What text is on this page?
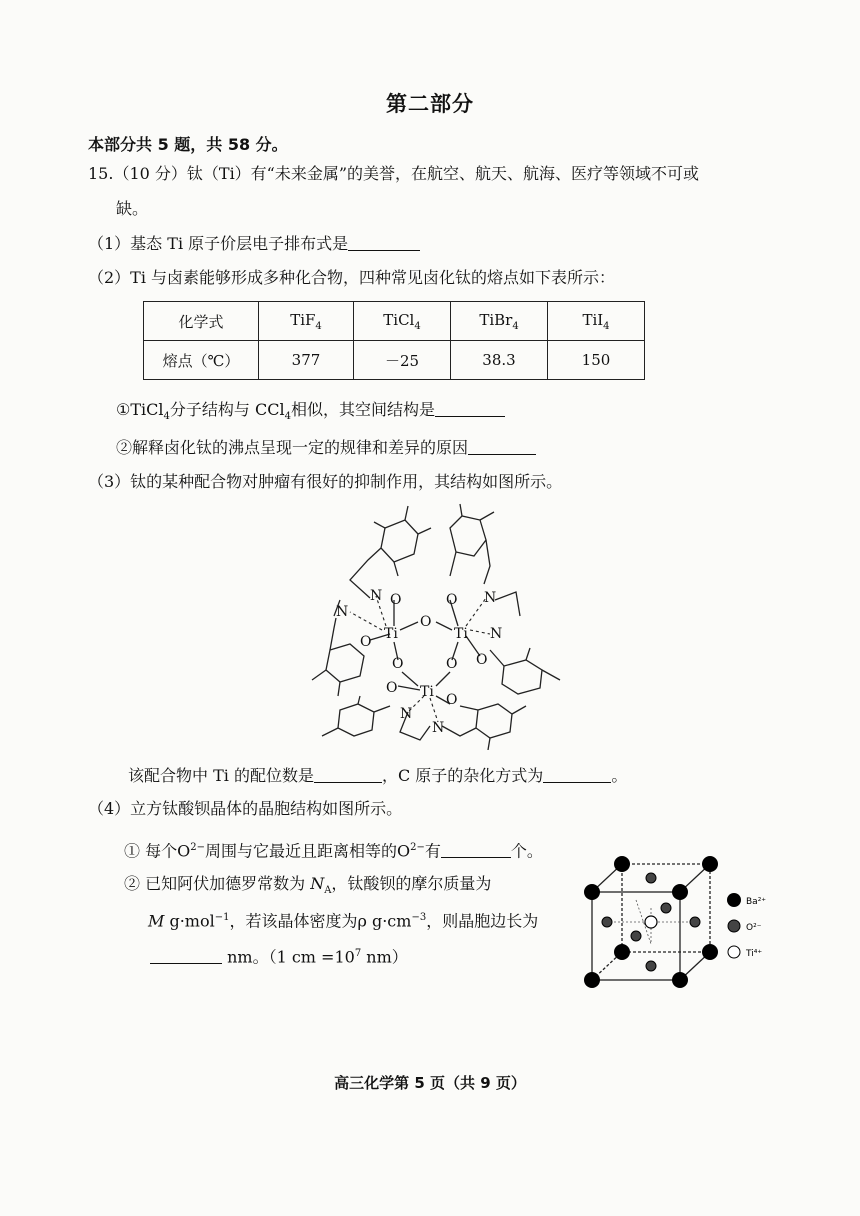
第二部分
本部分共 5 题，共 58 分。
15.（10 分）钛（Ti）有“未来金属”的美誉，在航空、航天、航海、医疗等领域不可或
缺。
（1）基态 Ti 原子价层电子排布式是
（2）Ti 与卤素能够形成多种化合物，四种常见卤化钛的熔点如下表所示：
化学式	TiF$_4$	TiCl$_4$	TiBr$_4$	TiI$_4$
熔点（℃）	377	－25	38.3	150
①TiCl$_4$分子结构与 CCl$_4$相似，其空间结构是
②解释卤化钛的沸点呈现一定的规律和差异的原因
（3）钛的某种配合物对肿瘤有很好的抑制作用，其结构如图所示。
Ti	Ti
Ti
O
O	O
O
O
O	O
O
O
N
N
N
N
N
N
该配合物中 Ti 的配位数是	，C 原子的杂化方式为	。
（4）立方钛酸钡晶体的晶胞结构如图所示。
① 每个$O^{2-}$周围与它最近且距离相等的$O^{2-}$有	个。
② 已知阿伏加德罗常数为 $N_A$，钛酸钡的摩尔质量为
M g·mol$^{-1}$，若该晶体密度为ρ $g\cdot cm^{-3}$，则晶胞边长为
nm。（1 cm $=10^7$ nm）
Ba²⁺
O²⁻
Ti⁴⁺
高三化学第 5 页（共 9 页）
